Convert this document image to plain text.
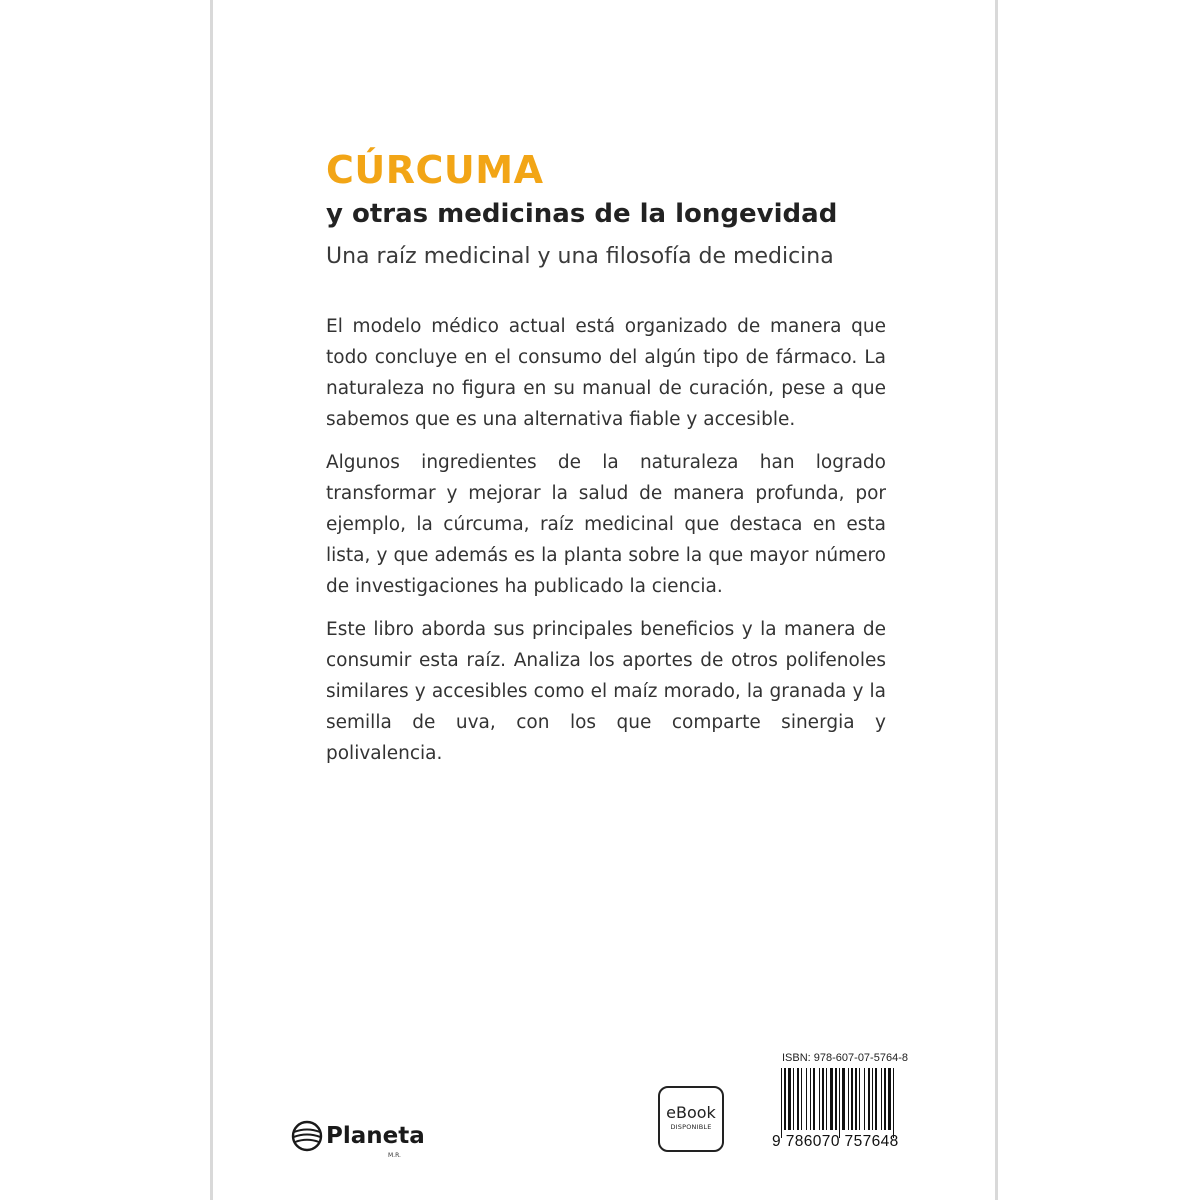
CÚRCUMA
y otras medicinas de la longevidad
Una raíz medicinal y una filosofía de medicina

El modelo médico actual está organizado de manera que todo concluye en el consumo del algún tipo de fármaco. La naturaleza no figura en su manual de curación, pese a que sabemos que es una alternativa fiable y accesible.

Algunos ingredientes de la naturaleza han logrado transformar y mejorar la salud de manera profunda, por ejemplo, la cúrcuma, raíz medicinal que destaca en esta lista, y que además es la planta sobre la que mayor número de investigaciones ha publicado la ciencia.

Este libro aborda sus principales beneficios y la manera de consumir esta raíz. Analiza los aportes de otros polifenoles similares y accesibles como el maíz morado, la granada y la semilla de uva, con los que comparte sinergia y polivalencia.

Planeta
M.R.
eBook
DISPONIBLE
ISBN: 978-607-07-5764-8
9 786070 757648
